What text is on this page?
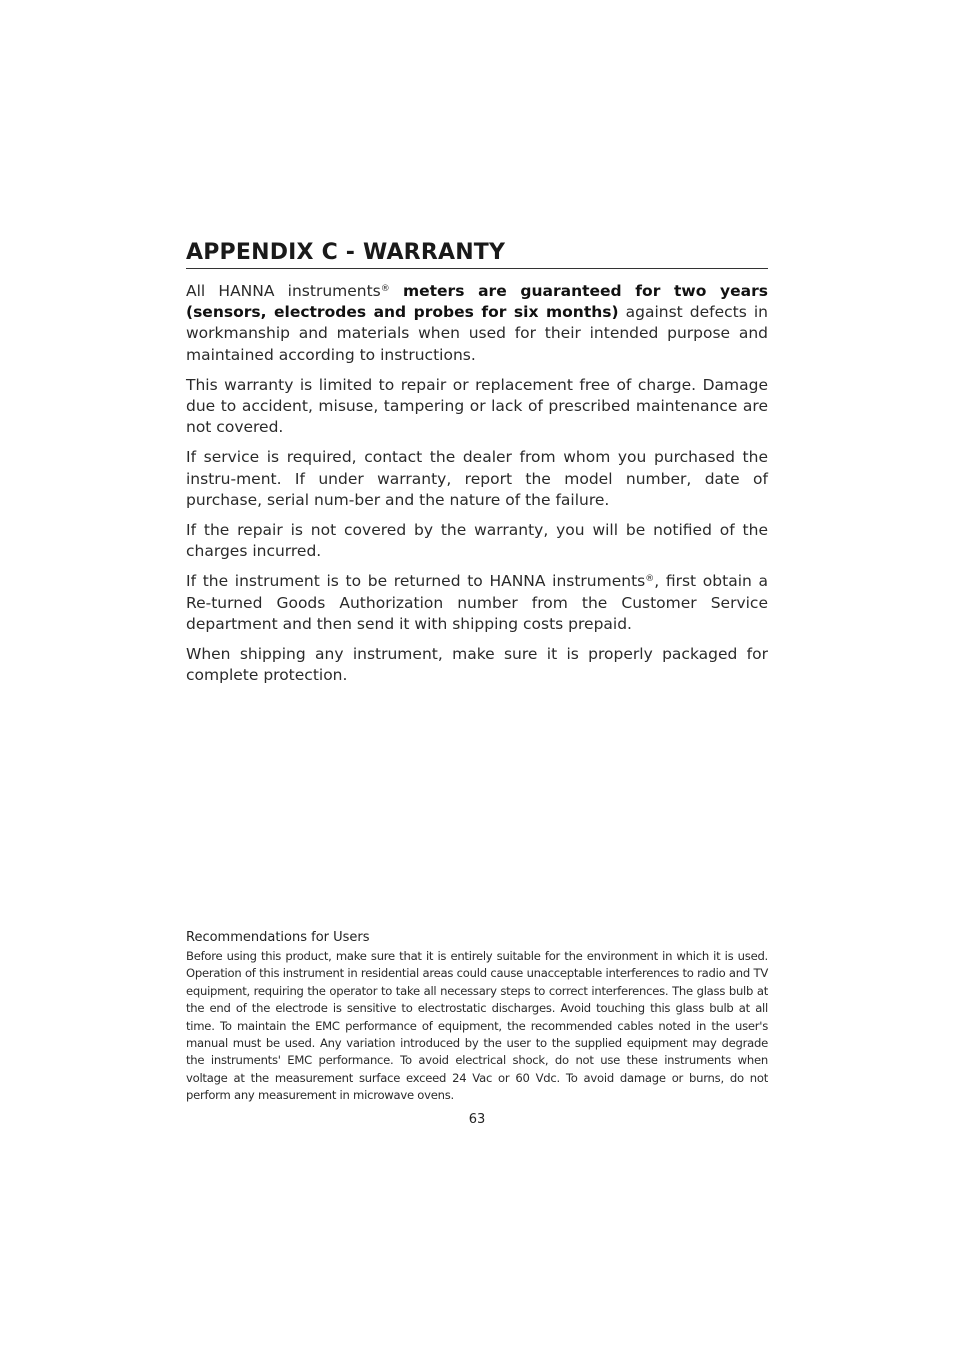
APPENDIX C - WARRANTY

All HANNA instruments® meters are guaranteed for two years (sensors, electrodes and probes for six months) against defects in workmanship and materials when used for their intended purpose and maintained according to instructions.

This warranty is limited to repair or replacement free of charge. Damage due to accident, misuse, tampering or lack of prescribed maintenance are not covered.

If service is required, contact the dealer from whom you purchased the instru-ment. If under warranty, report the model number, date of purchase, serial num-ber and the nature of the failure.

If the repair is not covered by the warranty, you will be notified of the charges incurred.

If the instrument is to be returned to HANNA instruments®, first obtain a Re-turned Goods Authorization number from the Customer Service department and then send it with shipping costs prepaid.

When shipping any instrument, make sure it is properly packaged for complete protection.

Recommendations for Users

Before using this product, make sure that it is entirely suitable for the environment in which it is used. Operation of this instrument in residential areas could cause unacceptable interferences to radio and TV equipment, requiring the operator to take all necessary steps to correct interferences. The glass bulb at the end of the electrode is sensitive to electrostatic discharges. Avoid touching this glass bulb at all time. To maintain the EMC performance of equipment, the recommended cables noted in the user's manual must be used. Any variation introduced by the user to the supplied equipment may degrade the instruments' EMC performance. To avoid electrical shock, do not use these instruments when voltage at the measurement surface exceed 24 Vac or 60 Vdc. To avoid damage or burns, do not perform any measurement in microwave ovens.

63
